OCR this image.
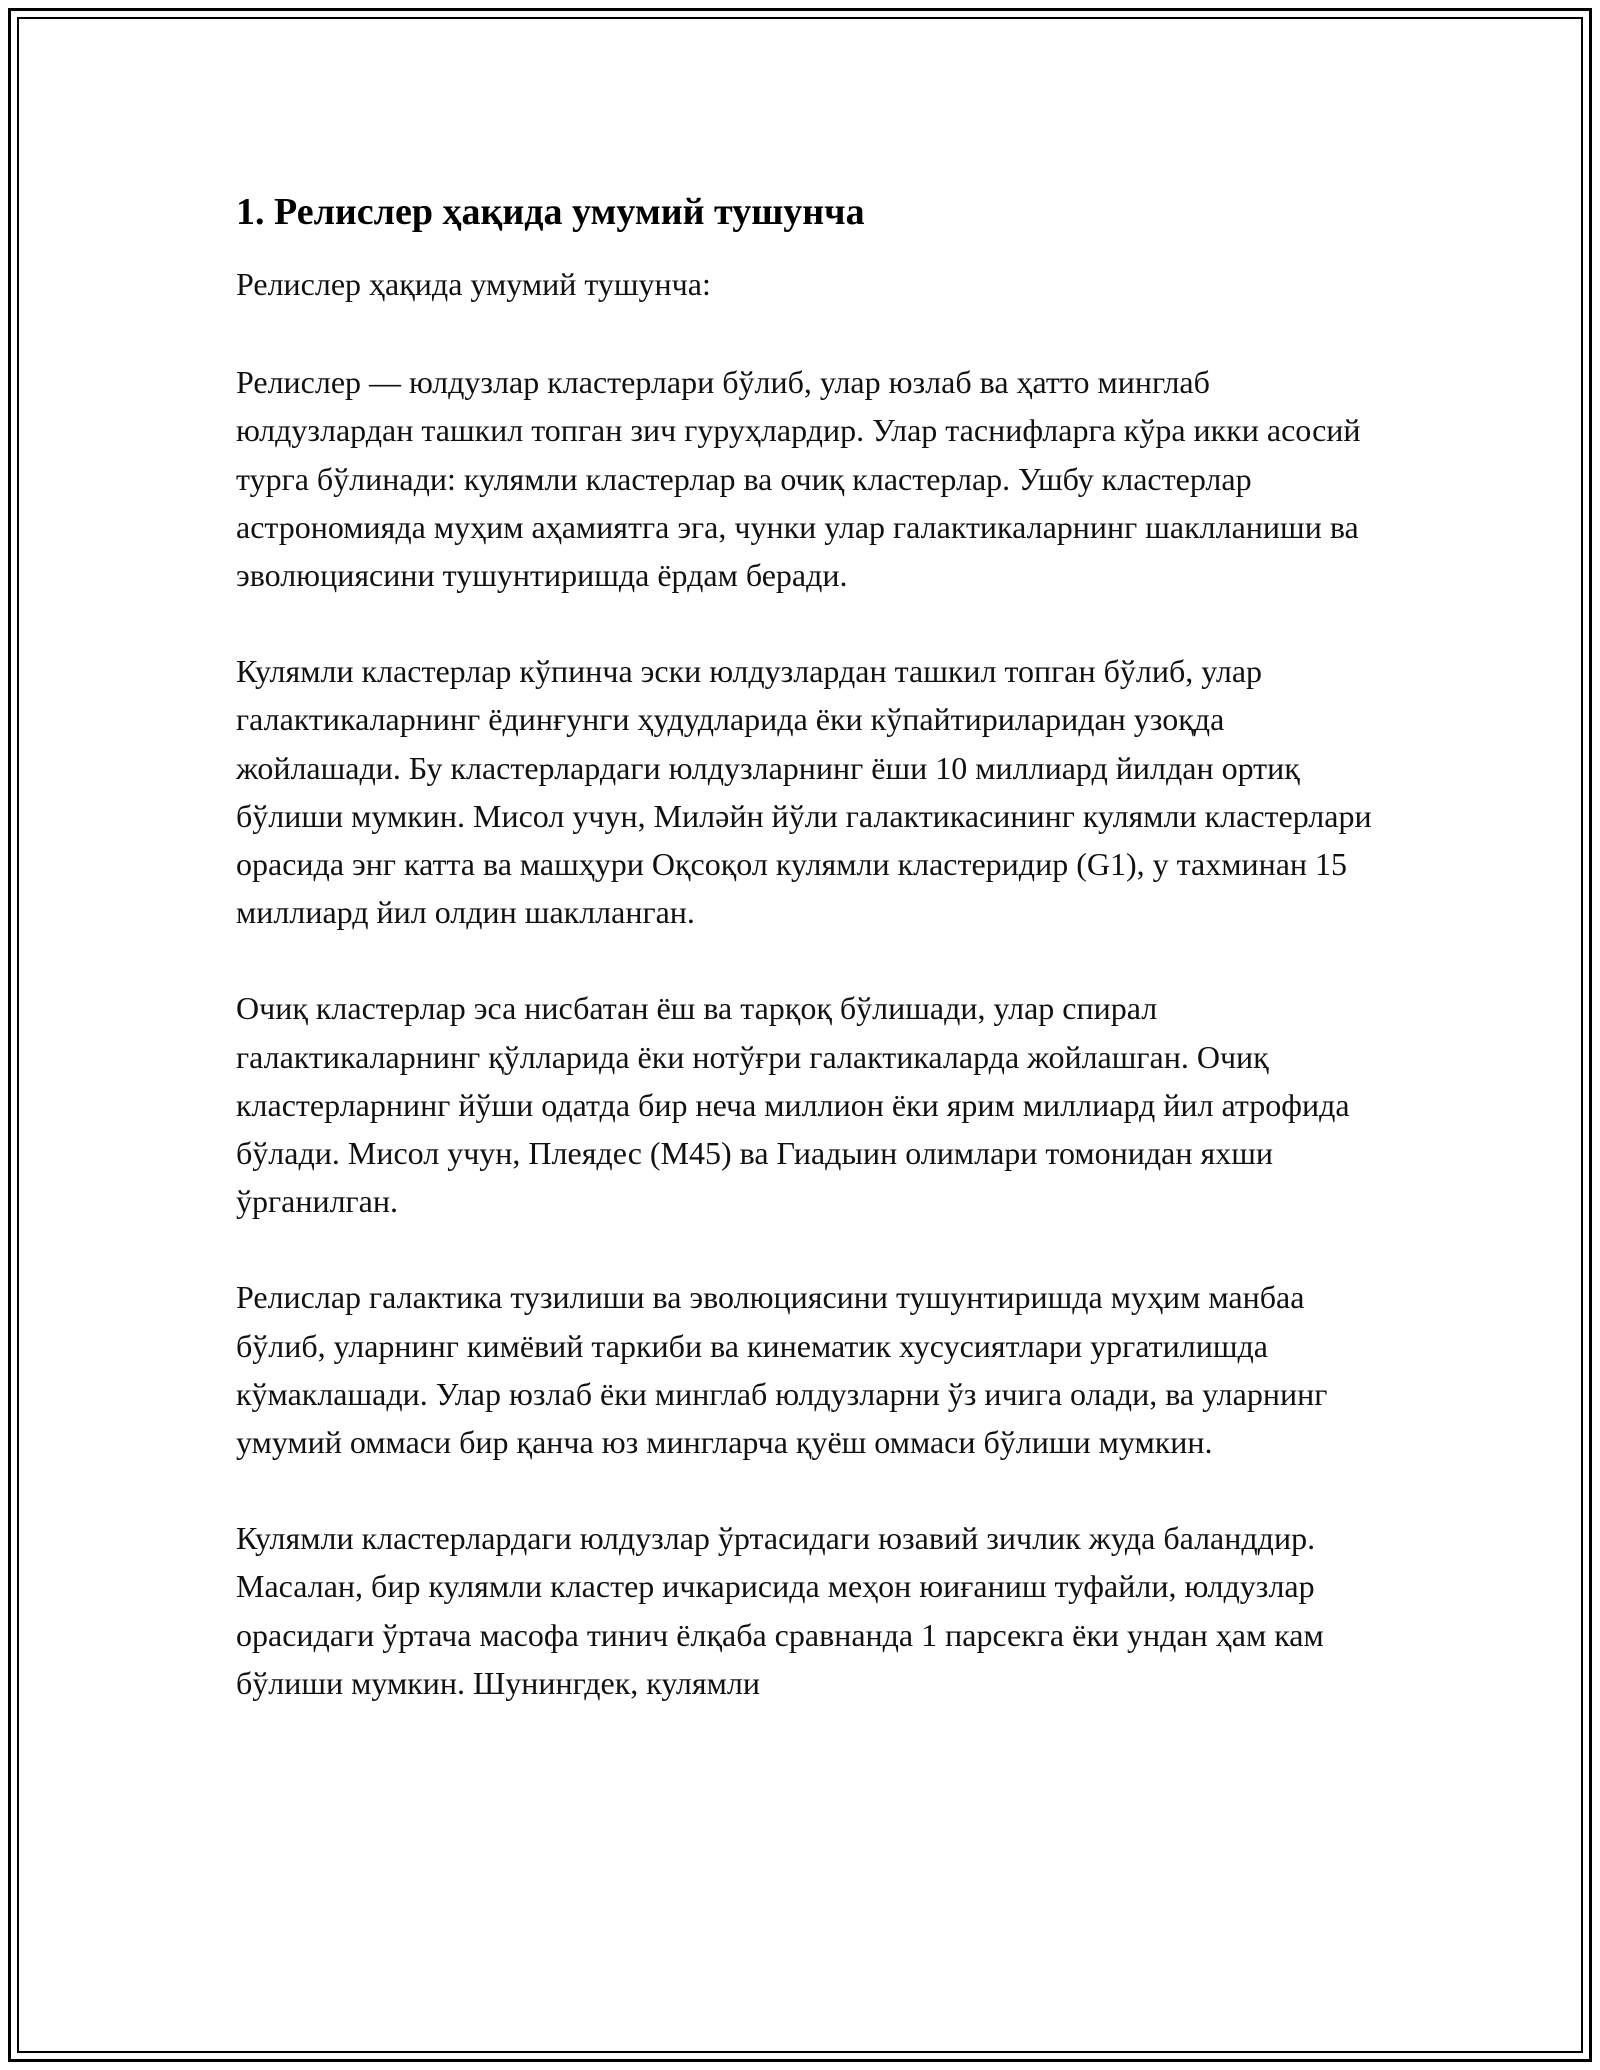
1. Релислер ҳақида умумий тушунча

Релислер ҳақида умумий тушунча:

Релислер — юлдузлар кластерлари бўлиб, улар юзлаб ва ҳатто минглаб юлдузлардан ташкил топган зич гуруҳлардир. Улар таснифларга кўра икки асосий турга бўлинади: кулямли кластерлар ва очиқ кластерлар. Ушбу кластерлар астрономияда муҳим аҳамиятга эга, чунки улар галактикаларнинг шаклланиши ва эволюциясини тушунтиришда ёрдам беради.

Кулямли кластерлар кўпинча эски юлдузлардан ташкил топган бўлиб, улар галактикаларнинг ёдинғунги ҳудудларида ёки кўпайтириларидан узоқда жойлашади. Бу кластерлардаги юлдузларнинг ёши 10 миллиард йилдан ортиқ бўлиши мумкин. Мисол учун, Миләйн йўли галактикасининг кулямли кластерлари орасида энг катта ва машҳури Оқсоқол кулямли кластеридир (G1), у тахминан 15 миллиард йил олдин шаклланган.

Очиқ кластерлар эса нисбатан ёш ва тарқоқ бўлишади, улар спирал галактикаларнинг қўлларида ёки нотўғри галактикаларда жойлашган. Очиқ кластерларнинг йўши одатда бир неча миллион ёки ярим миллиард йил атрофида бўлади. Мисол учун, Плеядес (M45) ва Гиадыин олимлари томонидан яхши ўрганилган.

Релислар галактика тузилиши ва эволюциясини тушунтиришда муҳим манбаа бўлиб, уларнинг кимёвий таркиби ва кинематик хусусиятлари ургатилишда кўмаклашади. Улар юзлаб ёки минглаб юлдузларни ўз ичига олади, ва уларнинг умумий оммаси бир қанча юз мингларча қуёш оммаси бўлиши мумкин.

Кулямли кластерлардаги юлдузлар ўртасидаги юзавий зичлик жуда баланддир. Масалан, бир кулямли кластер ичкарисида меҳон юиғаниш туфайли, юлдузлар орасидаги ўртача масофа тинич ёлқаба сравнанда 1 парсекга ёки ундан ҳам кам бўлиши мумкин. Шунингдек, кулямли
